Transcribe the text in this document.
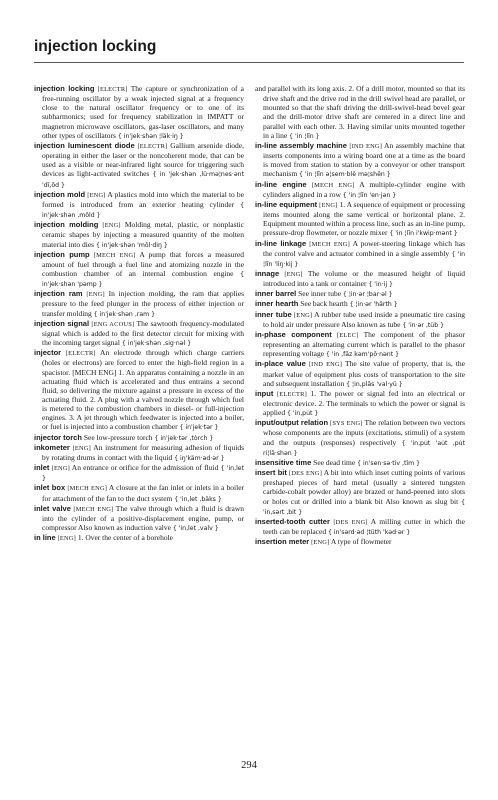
injection locking

injection locking [ELECTR] The capture or synchronization of a free-running oscillator by a weak injected signal at a frequency close to the natural oscillator frequency or to one of its subharmonics; used for frequency stabilization in IMPATT or magnetron microwave oscillators, gas-laser oscillators, and many other types of oscillators { in'jek·shən ¦läk·iŋ }

injection luminescent diode [ELECTR] Gallium arsenide diode, operating in either the laser or the noncoherent mode, that can be used as a visible or near-infrared light source for triggering such devices as light-activated switches { in 'jek·shən ‚lü·mə¦nes·ənt 'dī‚ōd }

injection mold [ENG] A plastics mold into which the material to be formed is introduced from an exterior heating cylinder { in'jek·shən ‚mōld }

injection molding [ENG] Molding metal, plastic, or nonplastic ceramic shapes by injecting a measured quantity of the molten material into dies { in'jek·shən 'mōl·diŋ }

injection pump [MECH ENG] A pump that forces a measured amount of fuel through a fuel line and atomizing nozzle in the combustion chamber of an internal combustion engine { in'jek·shən 'pəmp }

injection ram [ENG] In injection molding, the ram that applies pressure to the feed plunger in the process of either injection or transfer molding { in'jek·shən ‚ram }

injection signal [ENG ACOUS] The sawtooth frequency-modulated signal which is added to the first detector circuit for mixing with the incoming target signal { in'jek·shən ‚sig·nəl }

injector [ELECTR] An electrode through which charge carriers (holes or electrons) are forced to enter the high-field region in a spacistor. [MECH ENG] 1. An apparatus containing a nozzle in an actuating fluid which is accelerated and thus entrains a second fluid, so delivering the mixture against a pressure in excess of the actuating fluid. 2. A plug with a valved nozzle through which fuel is metered to the combustion chambers in diesel- or full-injection engines. 3. A jet through which feedwater is injected into a boiler, or fuel is injected into a combustion chamber { in'jek·tər }

injector torch See low-pressure torch { in'jek·tər ‚tȯrch }

inkometer [ENG] An instrument for measuring adhesion of liquids by rotating drums in contact with the liquid { iŋ'käm·əd·ər }

inlet [ENG] An entrance or orifice for the admission of fluid { 'in‚let }

inlet box [MECH ENG] A closure at the fan inlet or inlets in a boiler for attachment of the fan to the duct system { 'in‚let ‚bäks }

inlet valve [MECH ENG] The valve through which a fluid is drawn into the cylinder of a positive-displacement engine, pump, or compressor Also known as induction valve { 'in‚let ‚valv }

in line [ENG] 1. Over the center of a borehole

and parallel with its long axis. 2. Of a drill motor, mounted so that its drive shaft and the drive rod in the drill swivel head are parallel, or mounted so that the shaft driving the drill-swivel-head bevel gear and the drill-motor drive shaft are centered in a direct line and parallel with each other. 3. Having similar units mounted together in a line { 'in ¦līn }

in-line assembly machine [IND ENG] An assembly machine that inserts components into a wiring board one at a time as the board is moved from station to station by a conveyor or other transport mechanism { 'in ¦līn ə¦sem·blē mə¦shēn }

in-line engine [MECH ENG] A multiple-cylinder engine with cylinders aligned in a row { 'in ¦līn 'en·jən }

in-line equipment [ENG] 1. A sequence of equipment or processing items mounted along the same vertical or horizontal plane. 2. Equipment mounted within a process line, such as an in-line pump, pressure-drop flowmeter, or nozzle mixer { 'in ¦līn i'kwip·mənt }

in-line linkage [MECH ENG] A power-steering linkage which has the control valve and actuator combined in a single assembly { 'in ¦līn 'liŋ·kij }

innage [ENG] The volume or the measured height of liquid introduced into a tank or container { 'in·ij }

inner barrel See inner tube { ¦in·ər ¦bar·əl }

inner hearth See back hearth { ¦in·ər 'härth }

inner tube [ENG] A rubber tube used inside a pneumatic tire casing to hold air under pressure Also known as tube { 'in·ər ‚tüb }

in-phase component [ELEC] The component of the phasor representing an alternating current which is parallel to the phasor representing voltage { 'in ‚fāz kəm'pō·nənt }

in-place value [IND ENG] The site value of property, that is, the market value of equipment plus costs of transportation to the site and subsequent installation { ¦in‚plās 'val·yü }

input [ELECTR] 1. The power or signal fed into an electrical or electronic device. 2. The terminals to which the power or signal is applied { 'in‚pu̇t }

input/output relation [SYS ENG] The relation between two vectors whose components are the inputs (excitations, stimuli) of a system and the outputs (responses) respectively { 'in‚pu̇t 'au̇t ‚pu̇t ri¦lā·shən }

insensitive time See dead time { in'sen·sə·tiv ‚tīm }

insert bit [DES ENG] A bit into which inset cutting points of various preshaped pieces of hard metal (usually a sintered tungsten carbide-cobalt powder alloy) are brazed or hand-peened into slots or holes cut or drilled into a blank bit Also known as slug bit { 'in‚sərt ‚bit }

inserted-tooth cutter [DES ENG] A milling cutter in which the teeth can be replaced { in'sərd·əd ¦tüth 'kəd·ər }

insertion meter [ENG] A type of flowmeter

294
